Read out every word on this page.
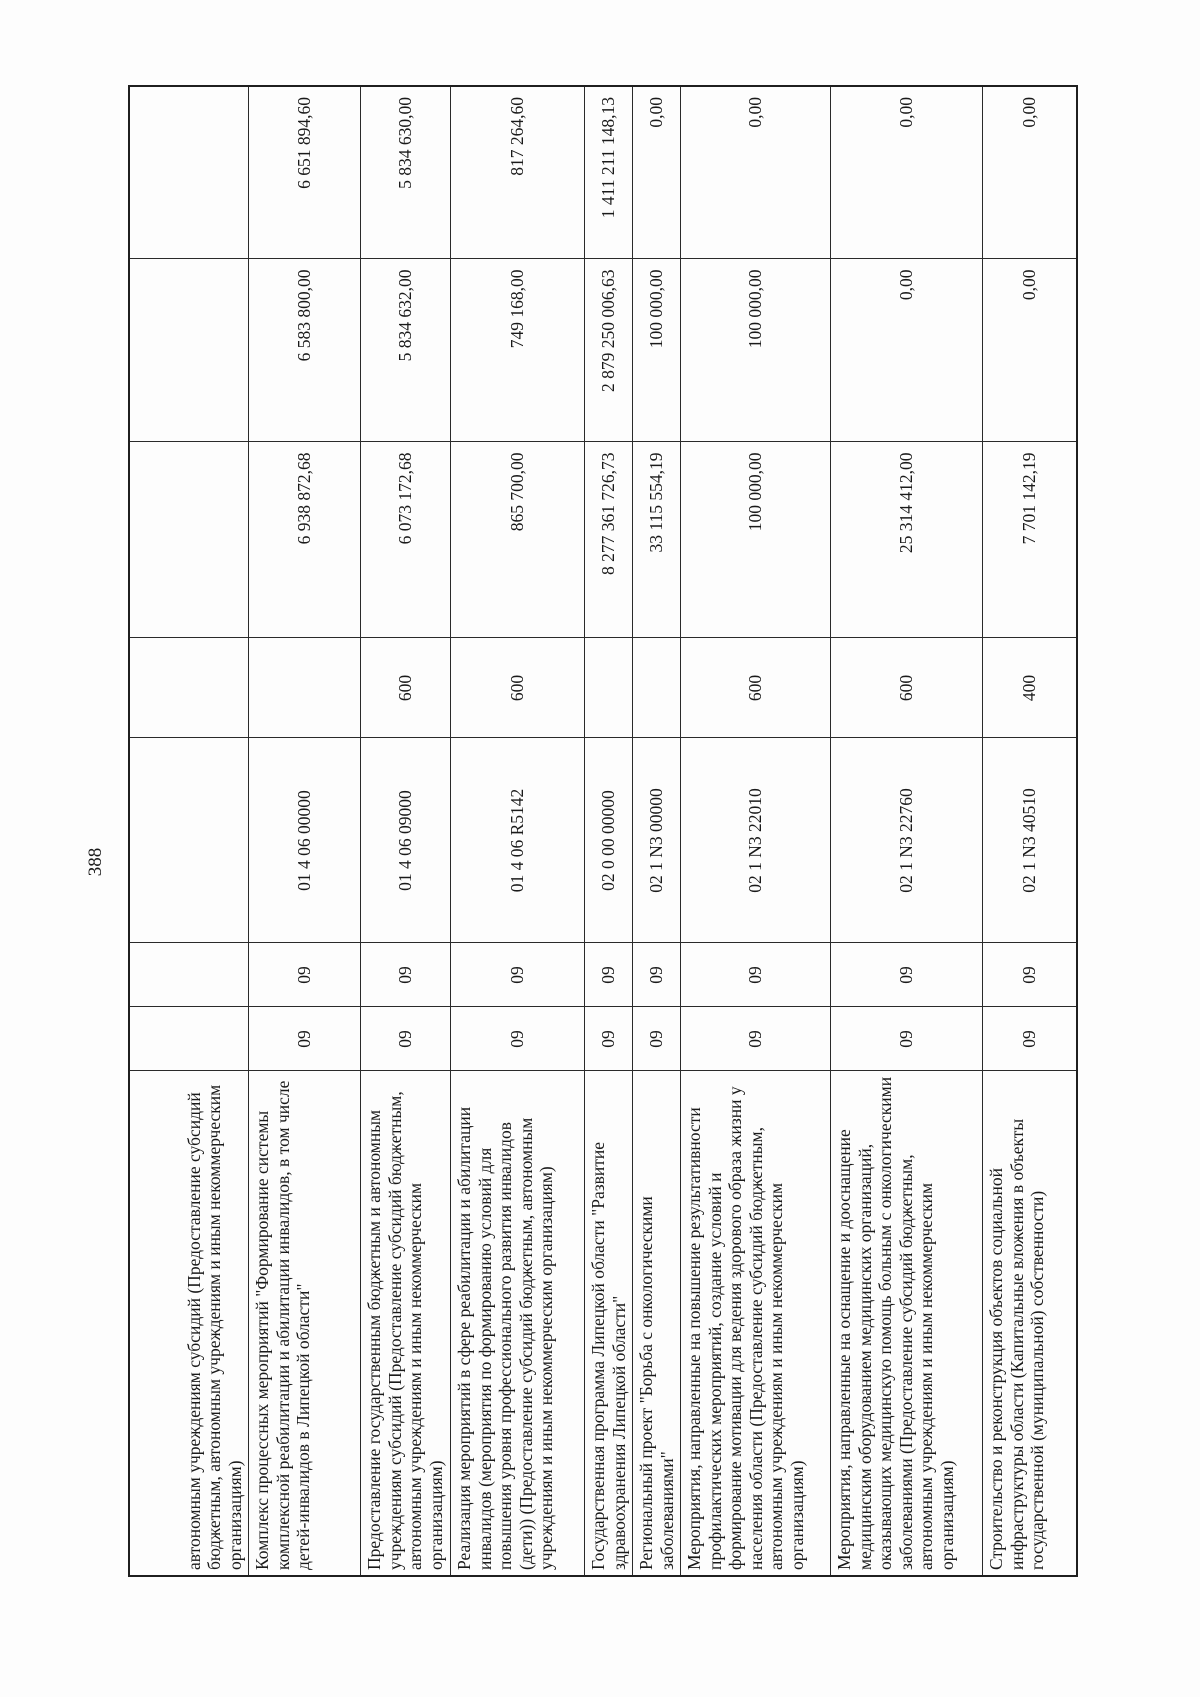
388
автономным учреждениям субсидий (Предоставление субсидий бюджетным, автономным учреждениям и иным некоммерческим организациям)							
Комплекс процессных мероприятий "Формирование системы комплексной реабилитации и абилитации инвалидов, в том числе детей-инвалидов в Липецкой области"	09	09	01 4 06 00000		6 938 872,68	6 583 800,00	6 651 894,60
Предоставление государственным бюджетным и автономным учреждениям субсидий (Предоставление субсидий бюджетным, автономным учреждениям и иным некоммерческим организациям)	09	09	01 4 06 09000	600	6 073 172,68	5 834 632,00	5 834 630,00
Реализация мероприятий в сфере реабилитации и абилитации инвалидов (мероприятия по формированию условий для повышения уровня профессионального развития инвалидов (дети)) (Предоставление субсидий бюджетным, автономным учреждениям и иным некоммерческим организациям)	09	09	01 4 06 R5142	600	865 700,00	749 168,00	817 264,60
Государственная программа Липецкой области "Развитие здравоохранения Липецкой области"	09	09	02 0 00 00000		8 277 361 726,73	2 879 250 006,63	1 411 211 148,13
Региональный проект "Борьба с онкологическими заболеваниями"	09	09	02 1 N3 00000		33 115 554,19	100 000,00	0,00
Мероприятия, направленные на повышение результативности профилактических мероприятий, создание условий и формирование мотивации для ведения здорового образа жизни у населения области (Предоставление субсидий бюджетным, автономным учреждениям и иным некоммерческим организациям)	09	09	02 1 N3 22010	600	100 000,00	100 000,00	0,00
Мероприятия, направленные на оснащение и дооснащение медицинским оборудованием медицинских организаций, оказывающих медицинскую помощь больным с онкологическими заболеваниями (Предоставление субсидий бюджетным, автономным учреждениям и иным некоммерческим организациям)	09	09	02 1 N3 22760	600	25 314 412,00	0,00	0,00
Строительство и реконструкция объектов социальной инфраструктуры области (Капитальные вложения в объекты государственной (муниципальной) собственности)	09	09	02 1 N3 40510	400	7 701 142,19	0,00	0,00
